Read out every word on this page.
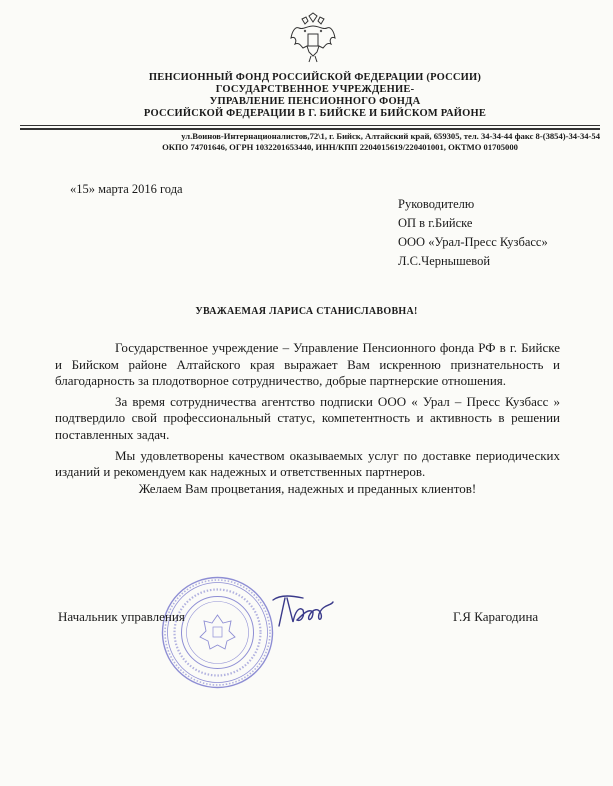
ПЕНСИОННЫЙ ФОНД РОССИЙСКОЙ ФЕДЕРАЦИИ (РОССИИ)
ГОСУДАРСТВЕННОЕ УЧРЕЖДЕНИЕ-
УПРАВЛЕНИЕ ПЕНСИОННОГО ФОНДА
РОССИЙСКОЙ ФЕДЕРАЦИИ В Г. БИЙСКЕ И БИЙСКОМ РАЙОНЕ
ул.Воинов-Интернационалистов,72\1, г. Бийск, Алтайский край, 659305, тел. 34-34-44 факс 8-(3854)-34-34-54
ОКПО 74701646, ОГРН 1032201653440, ИНН/КПП 2204015619/220401001, ОКТМО 01705000
«15» марта 2016 года
Руководителю
ОП в г.Бийске
ООО «Урал-Пресс Кузбасс»
Л.С.Чернышевой
УВАЖАЕМАЯ ЛАРИСА СТАНИСЛАВОВНА!

Государственное учреждение – Управление Пенсионного фонда РФ в г. Бийске и Бийском районе Алтайского края выражает Вам искренною признательность и благодарность за плодотворное сотрудничество, добрые партнерские отношения.

За время сотрудничества агентство подписки ООО « Урал – Пресс Кузбасс » подтвердило свой профессиональный статус, компетентность и активность в решении поставленных задач.

Мы удовлетворены качеством оказываемых услуг по доставке периодических изданий и рекомендуем как надежных и ответственных партнеров.

Желаем Вам процветания, надежных и преданных клиентов!

Начальник управления	Г.Я Карагодина
